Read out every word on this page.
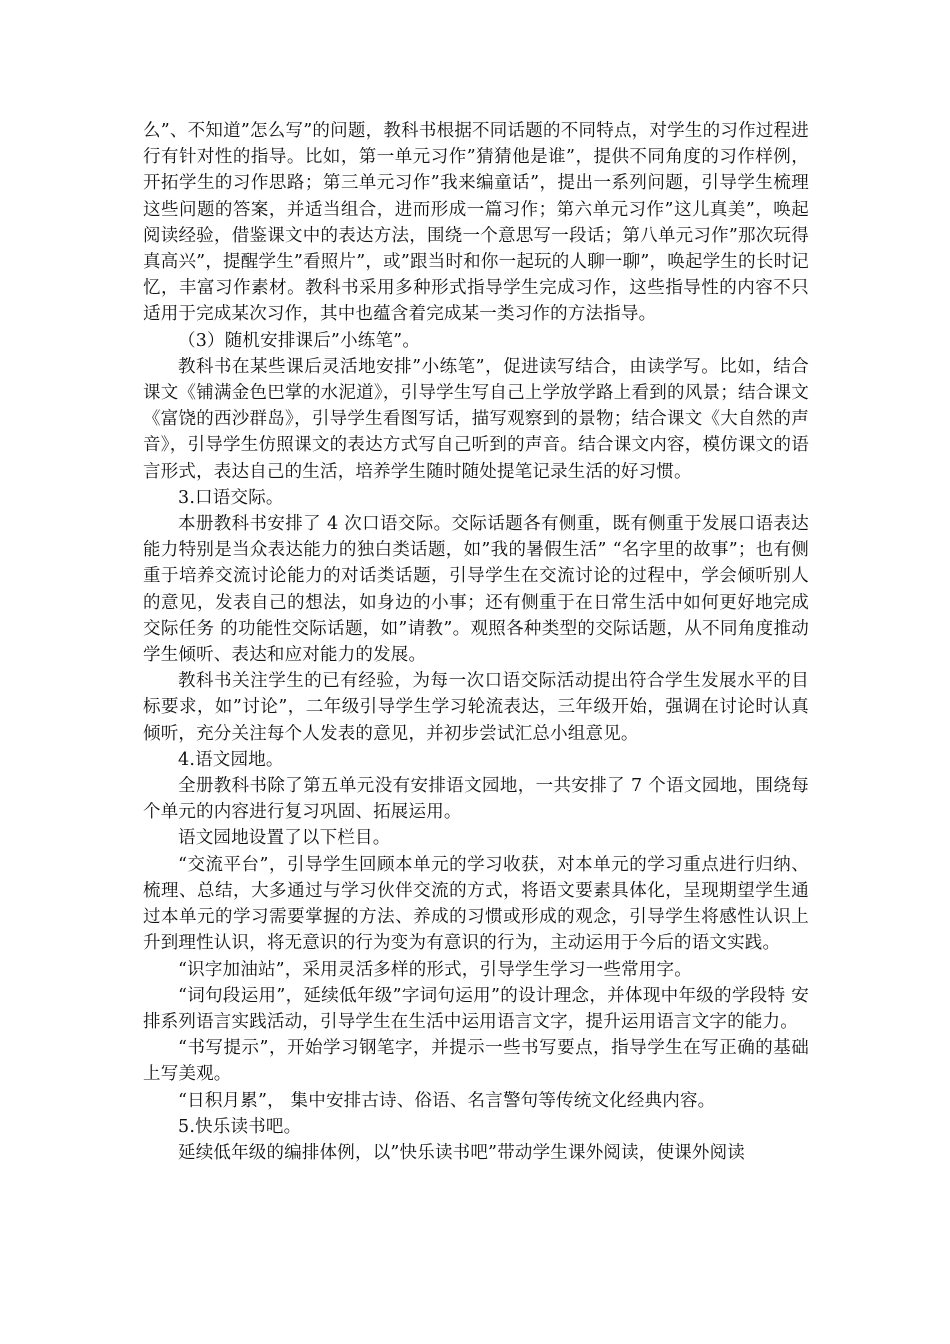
么”、不知道”怎么写”的问题，教科书根据不同话题的不同特点，对学生的习作过程进行有针对性的指导。比如，第一单元习作”猜猜他是谁”，提供不同角度的习作样例，开拓学生的习作思路；第三单元习作”我来编童话”，提出一系列问题，引导学生梳理这些问题的答案，并适当组合，进而形成一篇习作；第六单元习作”这儿真美”，唤起阅读经验，借鉴课文中的表达方法，围绕一个意思写一段话；第八单元习作”那次玩得真高兴”，提醒学生”看照片”，或”跟当时和你一起玩的人聊一聊”，唤起学生的长时记忆，丰富习作素材。教科书采用多种形式指导学生完成习作，这些指导性的内容不只适用于完成某次习作，其中也蕴含着完成某一类习作的方法指导。

（3）随机安排课后”小练笔”。

教科书在某些课后灵活地安排”小练笔”，促进读写结合，由读学写。比如，结合课文《铺满金色巴掌的水泥道》，引导学生写自己上学放学路上看到的风景；结合课文《富饶的西沙群岛》，引导学生看图写话，描写观察到的景物；结合课文《大自然的声音》，引导学生仿照课文的表达方式写自己听到的声音。结合课文内容，模仿课文的语言形式，表达自己的生活，培养学生随时随处提笔记录生活的好习惯。

3.口语交际。

本册教科书安排了 4 次口语交际。交际话题各有侧重，既有侧重于发展口语表达能力特别是当众表达能力的独白类话题，如”我的暑假生活” “名字里的故事”；也有侧重于培养交流讨论能力的对话类话题，引导学生在交流讨论的过程中，学会倾听别人的意见，发表自己的想法，如身边的小事；还有侧重于在日常生活中如何更好地完成交际任务 的功能性交际话题，如”请教”。观照各种类型的交际话题，从不同角度推动学生倾听、表达和应对能力的发展。

教科书关注学生的已有经验，为每一次口语交际活动提出符合学生发展水平的目标要求，如”讨论”，二年级引导学生学习轮流表达，三年级开始，强调在讨论时认真倾听，充分关注每个人发表的意见，并初步尝试汇总小组意见。

4.语文园地。

全册教科书除了第五单元没有安排语文园地，一共安排了 7 个语文园地，围绕每个单元的内容进行复习巩固、拓展运用。

语文园地设置了以下栏目。

“交流平台”，引导学生回顾本单元的学习收获，对本单元的学习重点进行归纳、梳理、总结，大多通过与学习伙伴交流的方式，将语文要素具体化，呈现期望学生通过本单元的学习需要掌握的方法、养成的习惯或形成的观念，引导学生将感性认识上升到理性认识，将无意识的行为变为有意识的行为，主动运用于今后的语文实践。

“识字加油站”，采用灵活多样的形式，引导学生学习一些常用字。

“词句段运用”，延续低年级”字词句运用”的设计理念，并体现中年级的学段特 安排系列语言实践活动，引导学生在生活中运用语言文字，提升运用语言文字的能力。

“书写提示”，开始学习钢笔字，并提示一些书写要点，指导学生在写正确的基础上写美观。

“日积月累”， 集中安排古诗、俗语、名言警句等传统文化经典内容。

5.快乐读书吧。

延续低年级的编排体例，以”快乐读书吧”带动学生课外阅读，使课外阅读
